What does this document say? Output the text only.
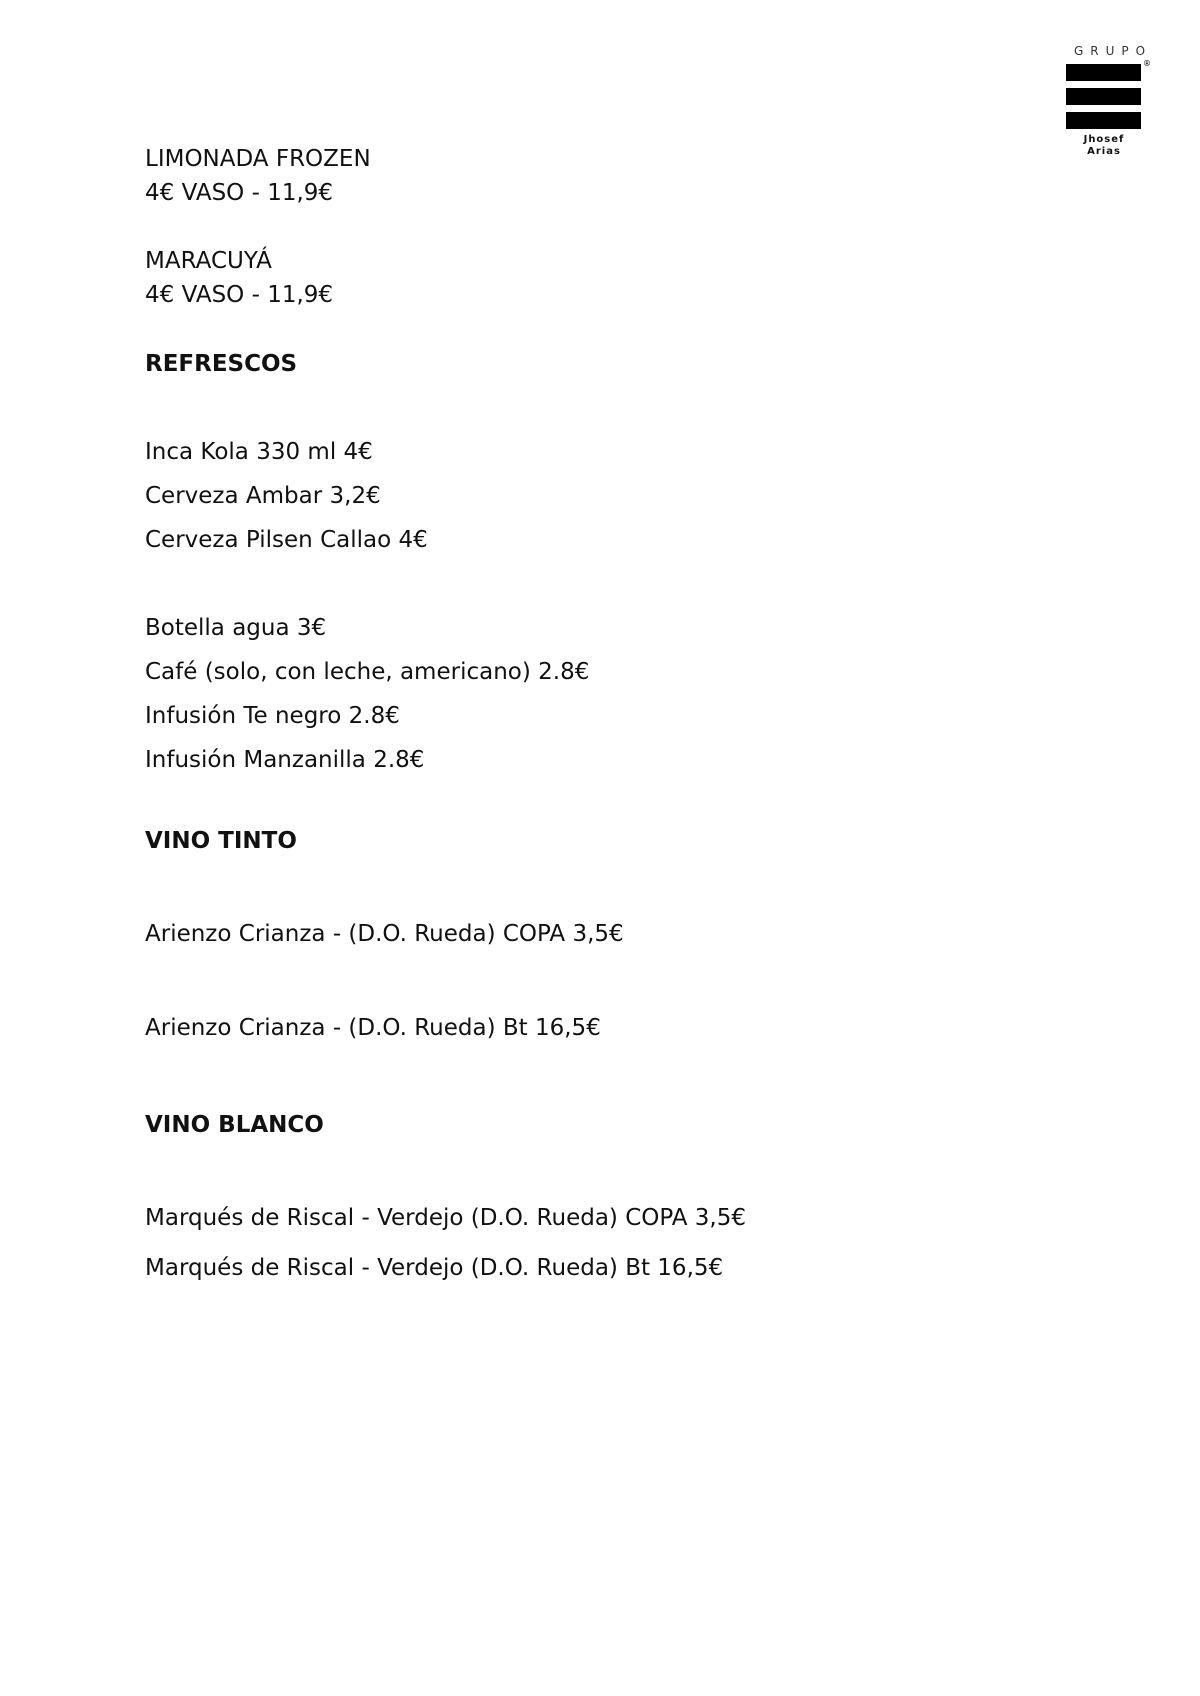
GRUPO
®
Jhosef Arias
LIMONADA FROZEN
4€ VASO - 11,9€
MARACUYÁ
4€ VASO - 11,9€
REFRESCOS
Inca Kola 330 ml 4€
Cerveza Ambar 3,2€
Cerveza Pilsen Callao 4€
Botella agua 3€
Café (solo, con leche, americano) 2.8€
Infusión Te negro 2.8€
Infusión Manzanilla 2.8€
VINO TINTO
Arienzo Crianza - (D.O. Rueda) COPA 3,5€
Arienzo Crianza - (D.O. Rueda) Bt 16,5€
VINO BLANCO
Marqués de Riscal - Verdejo (D.O. Rueda) COPA 3,5€
Marqués de Riscal - Verdejo (D.O. Rueda) Bt 16,5€
